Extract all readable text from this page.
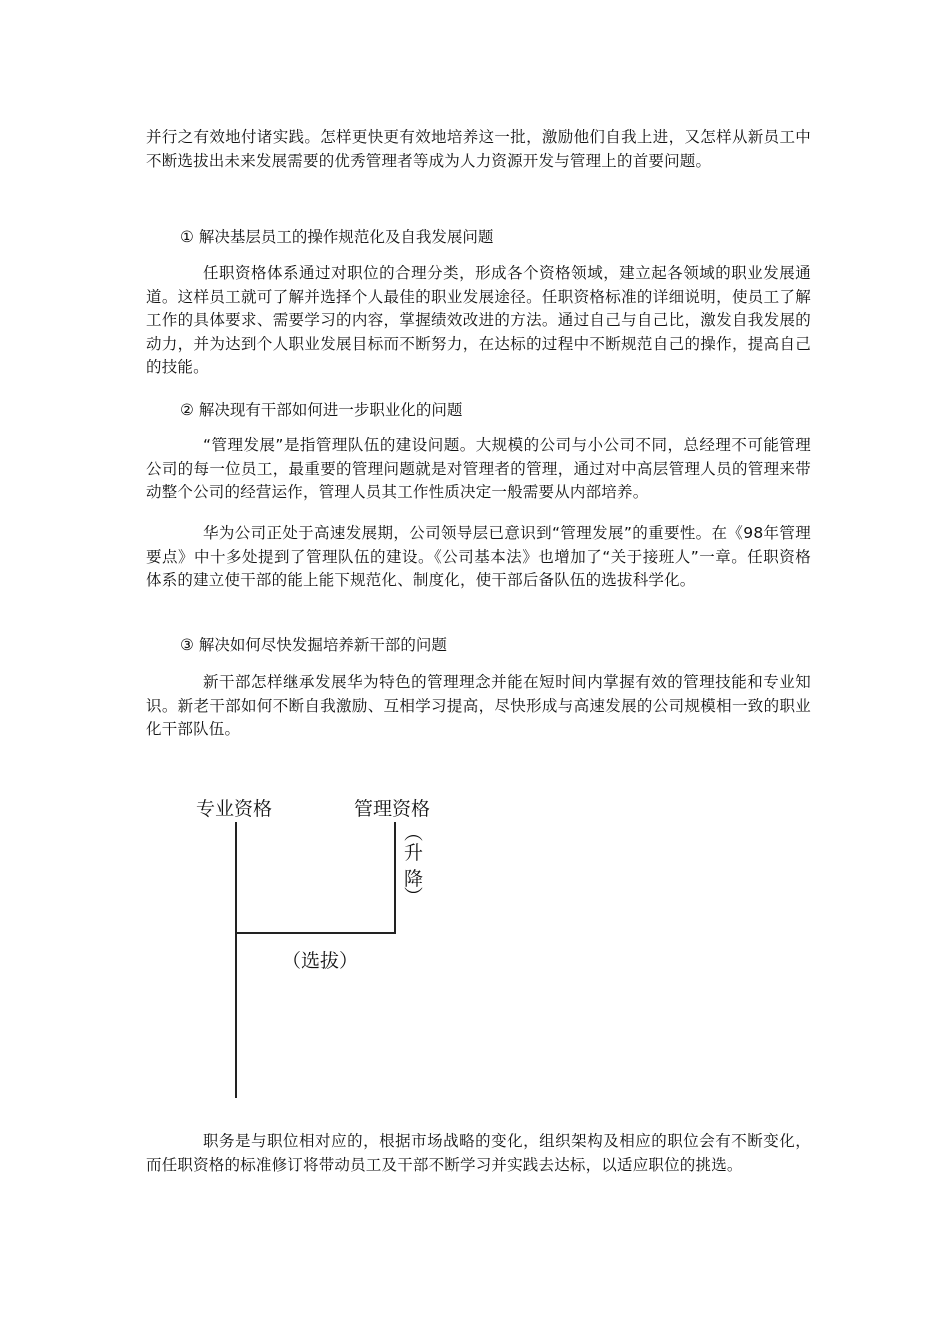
并行之有效地付诸实践。怎样更快更有效地培养这一批，激励他们自我上进，又怎样从新员工中不断选拔出未来发展需要的优秀管理者等成为人力资源开发与管理上的首要问题。

① 解决基层员工的操作规范化及自我发展问题

任职资格体系通过对职位的合理分类，形成各个资格领域，建立起各领域的职业发展通道。这样员工就可了解并选择个人最佳的职业发展途径。任职资格标准的详细说明，使员工了解工作的具体要求、需要学习的内容，掌握绩效改进的方法。通过自己与自己比，激发自我发展的动力，并为达到个人职业发展目标而不断努力，在达标的过程中不断规范自己的操作，提高自己的技能。

② 解决现有干部如何进一步职业化的问题

“管理发展”是指管理队伍的建设问题。大规模的公司与小公司不同，总经理不可能管理公司的每一位员工，最重要的管理问题就是对管理者的管理，通过对中高层管理人员的管理来带动整个公司的经营运作，管理人员其工作性质决定一般需要从内部培养。

华为公司正处于高速发展期，公司领导层已意识到“管理发展”的重要性。在《98年管理要点》中十多处提到了管理队伍的建设。《公司基本法》也增加了“关于接班人”一章。任职资格体系的建立使干部的能上能下规范化、制度化，使干部后备队伍的选拔科学化。

③ 解决如何尽快发掘培养新干部的问题

新干部怎样继承发展华为特色的管理理念并能在短时间内掌握有效的管理技能和专业知识。新老干部如何不断自我激励、互相学习提高，尽快形成与高速发展的公司规模相一致的职业化干部队伍。

专业资格	管理资格
︵
升
降
︶
（选拔）

职务是与职位相对应的，根据市场战略的变化，组织架构及相应的职位会有不断变化，而任职资格的标准修订将带动员工及干部不断学习并实践去达标，以适应职位的挑选。
